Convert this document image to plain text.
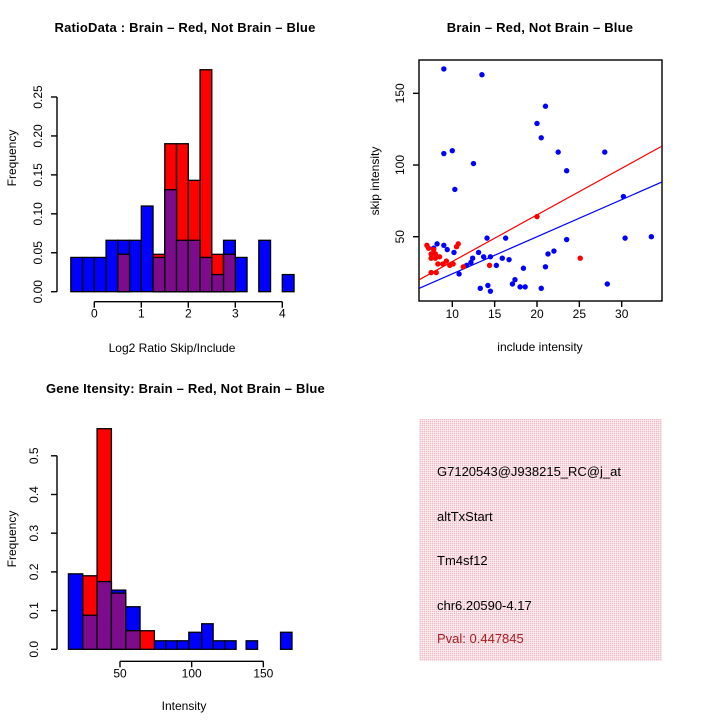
0.00
0.05
0.10
0.15
0.20
0.25
0	1	2	3	4
Log2 Ratio Skip/Include
Frequency
10 15 20 25 30
50
100
150
include intensity
skip intensity
0.0
0.1
0.2
0.3
0.4
0.5
50	100	150
Intensity
Frequency
RatioData : Brain – Red, Not Brain – Blue	Brain – Red, Not Brain – Blue
Gene Itensity: Brain – Red, Not Brain – Blue
G7120543@J938215_RC@j_at
altTxStart
Tm4sf12
chr6.20590-4.17
Pval: 0.447845
